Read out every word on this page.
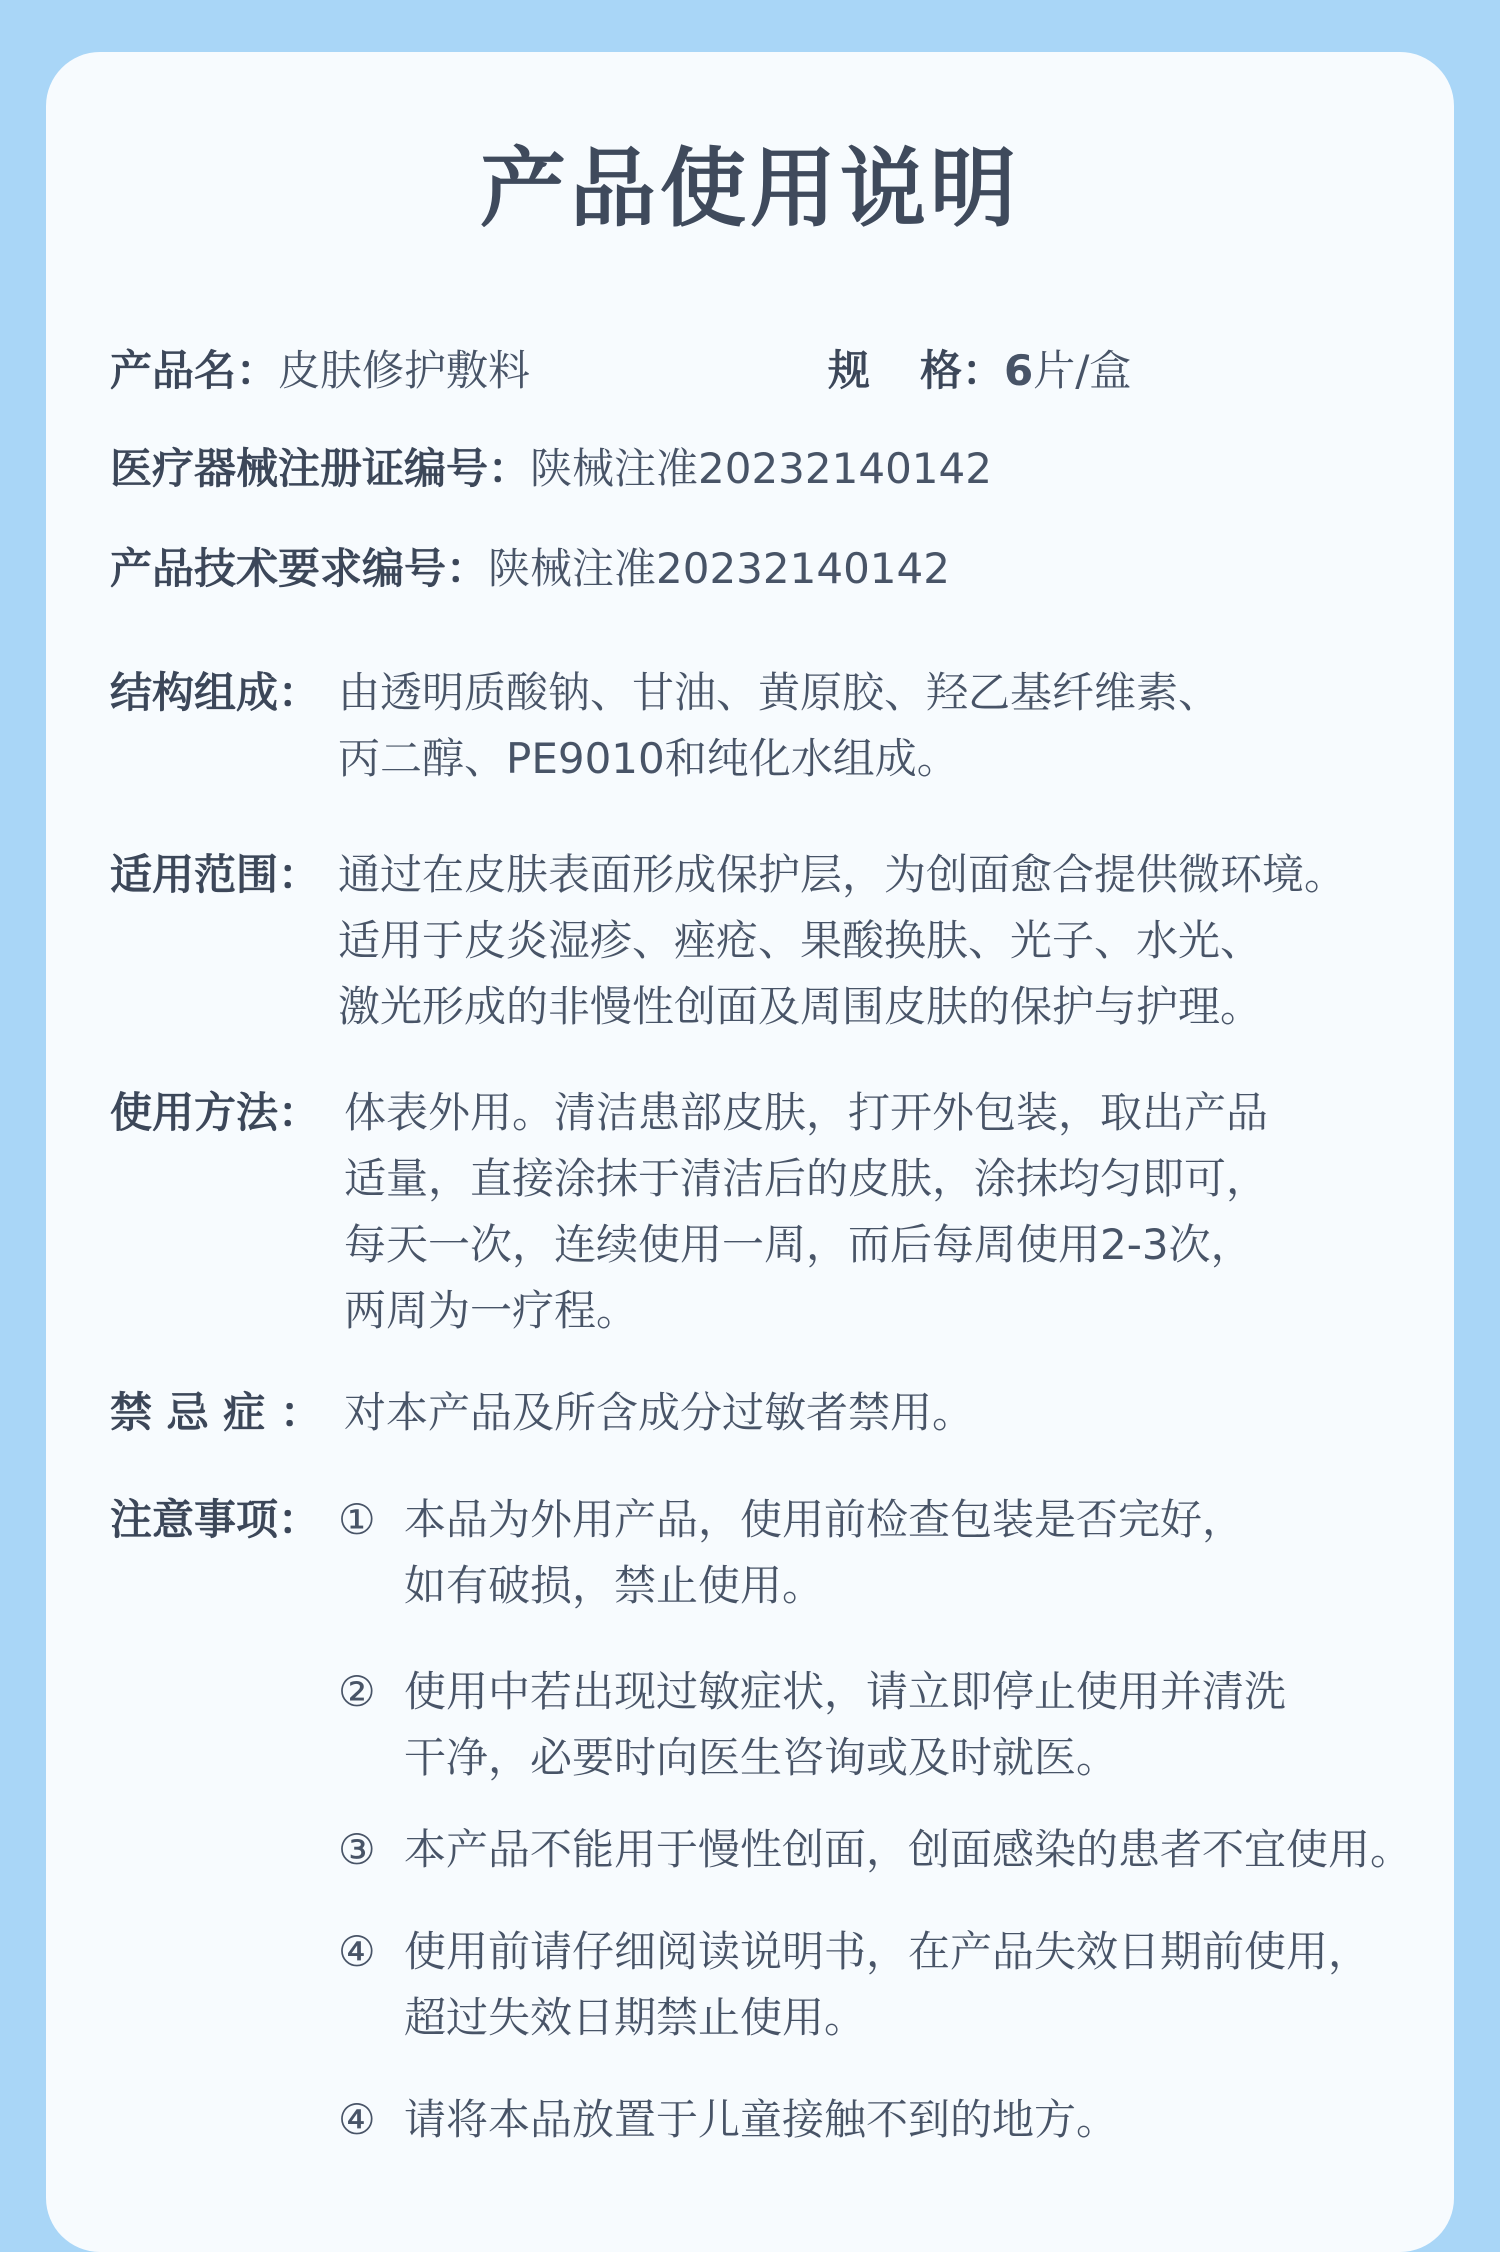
产品使用说明
产品名：皮肤修护敷料	规 格：6片/盒
医疗器械注册证编号：陕械注准20232140142
产品技术要求编号：陕械注准20232140142
结构组成： 由透明质酸钠、甘油、黄原胶、羟乙基纤维素、
丙二醇、PE9010和纯化水组成。
适用范围： 通过在皮肤表面形成保护层，为创面愈合提供微环境。
适用于皮炎湿疹、痤疮、果酸换肤、光子、水光、
激光形成的非慢性创面及周围皮肤的保护与护理。
使用方法： 体表外用。清洁患部皮肤，打开外包装，取出产品
适量，直接涂抹于清洁后的皮肤，涂抹均匀即可，
每天一次，连续使用一周，而后每周使用2-3次，
两周为一疗程。
禁 忌 症 ： 对本产品及所含成分过敏者禁用。
注意事项： ① 本品为外用产品，使用前检查包装是否完好，
如有破损，禁止使用。
② 使用中若出现过敏症状，请立即停止使用并清洗
干净，必要时向医生咨询或及时就医。
③ 本产品不能用于慢性创面，创面感染的患者不宜使用。
④ 使用前请仔细阅读说明书，在产品失效日期前使用，
超过失效日期禁止使用。
④ 请将本品放置于儿童接触不到的地方。
